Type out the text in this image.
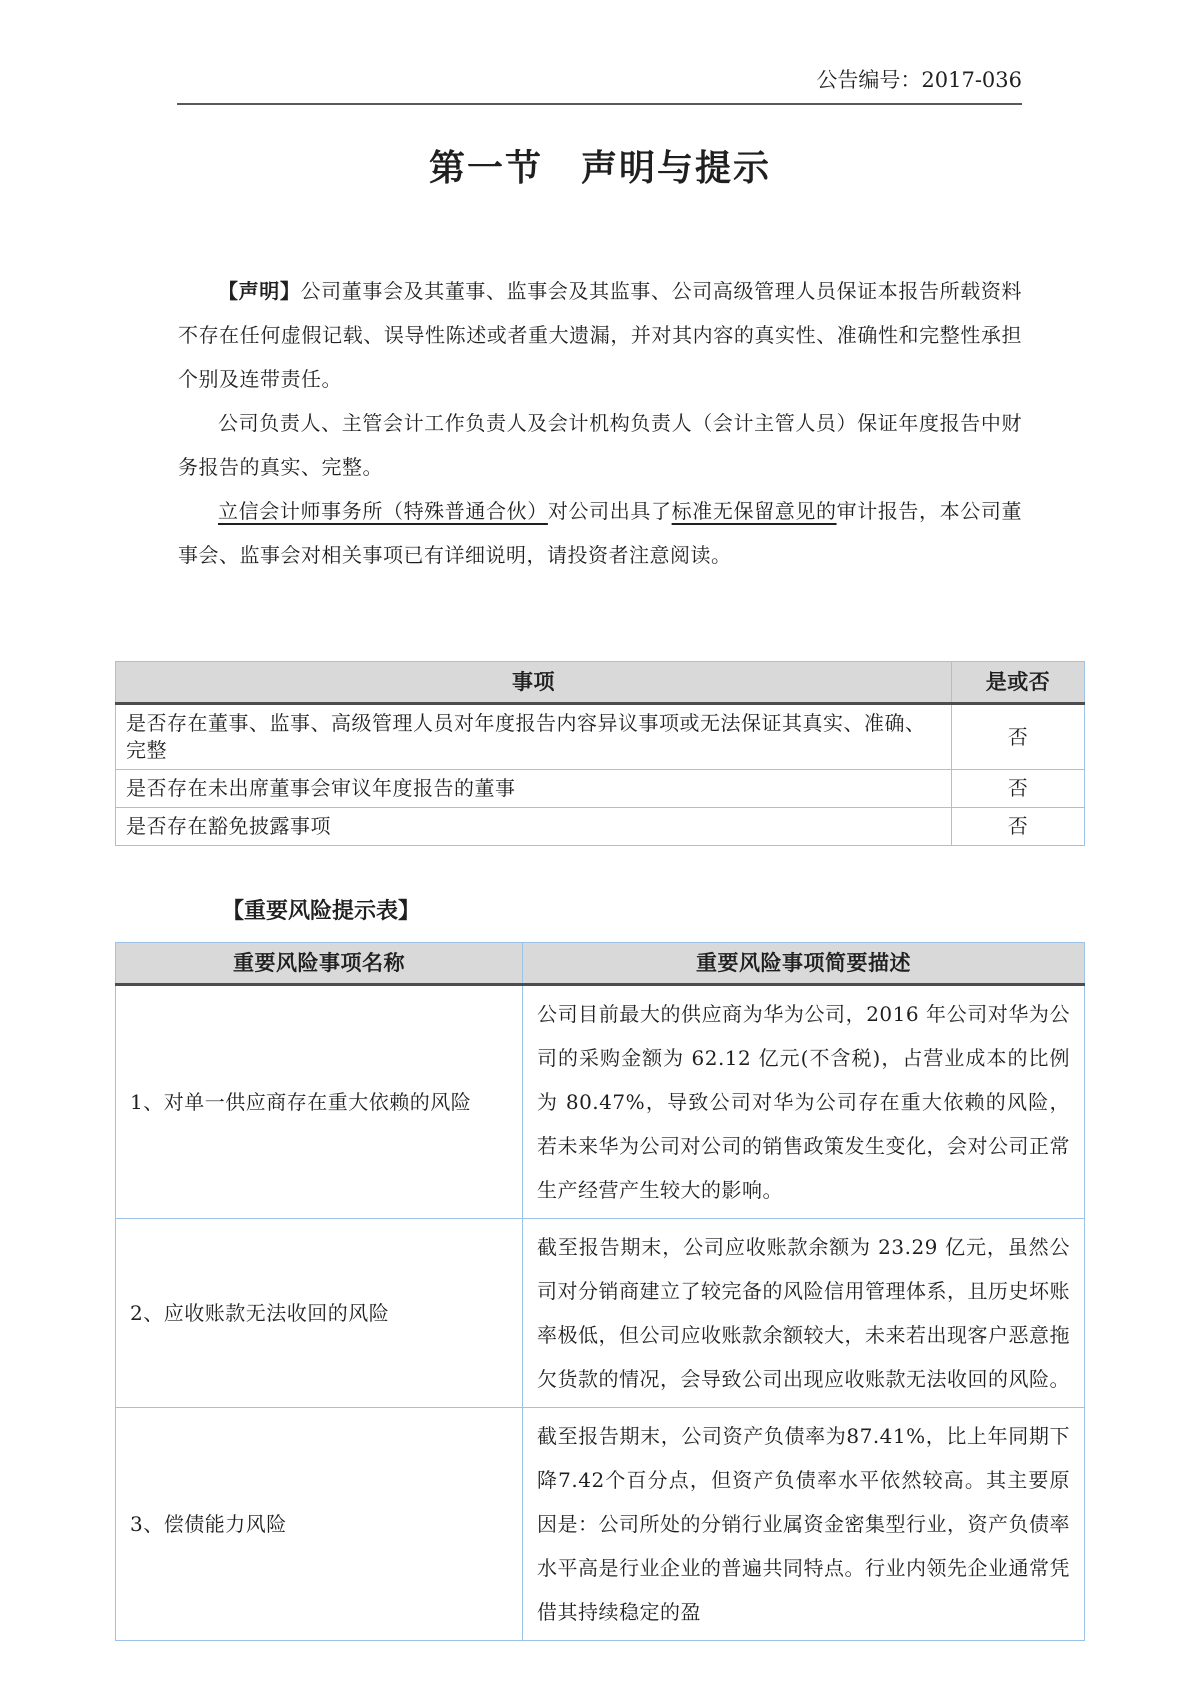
公告编号：2017-036
第一节　声明与提示

【声明】公司董事会及其董事、监事会及其监事、公司高级管理人员保证本报告所载资料不存在任何虚假记载、误导性陈述或者重大遗漏，并对其内容的真实性、准确性和完整性承担个别及连带责任。

公司负责人、主管会计工作负责人及会计机构负责人（会计主管人员）保证年度报告中财务报告的真实、完整。

立信会计师事务所（特殊普通合伙）对公司出具了标准无保留意见的审计报告，本公司董事会、监事会对相关事项已有详细说明，请投资者注意阅读。

事项	是或否
是否存在董事、监事、高级管理人员对年度报告内容异议事项或无法保证其真实、准确、完整	否
是否存在未出席董事会审议年度报告的董事	否
是否存在豁免披露事项	否
【重要风险提示表】
重要风险事项名称	重要风险事项简要描述
1、对单一供应商存在重大依赖的风险	公司目前最大的供应商为华为公司，2016 年公司对华为公司的采购金额为 62.12 亿元(不含税)，占营业成本的比例为 80.47%，导致公司对华为公司存在重大依赖的风险，若未来华为公司对公司的销售政策发生变化，会对公司正常生产经营产生较大的影响。
2、应收账款无法收回的风险	截至报告期末，公司应收账款余额为 23.29 亿元，虽然公司对分销商建立了较完备的风险信用管理体系，且历史坏账率极低，但公司应收账款余额较大，未来若出现客户恶意拖欠货款的情况，会导致公司出现应收账款无法收回的风险。
3、偿债能力风险	截至报告期末，公司资产负债率为87.41%，比上年同期下降7.42个百分点，但资产负债率水平依然较高。其主要原因是：公司所处的分销行业属资金密集型行业，资产负债率水平高是行业企业的普遍共同特点。行业内领先企业通常凭借其持续稳定的盈
